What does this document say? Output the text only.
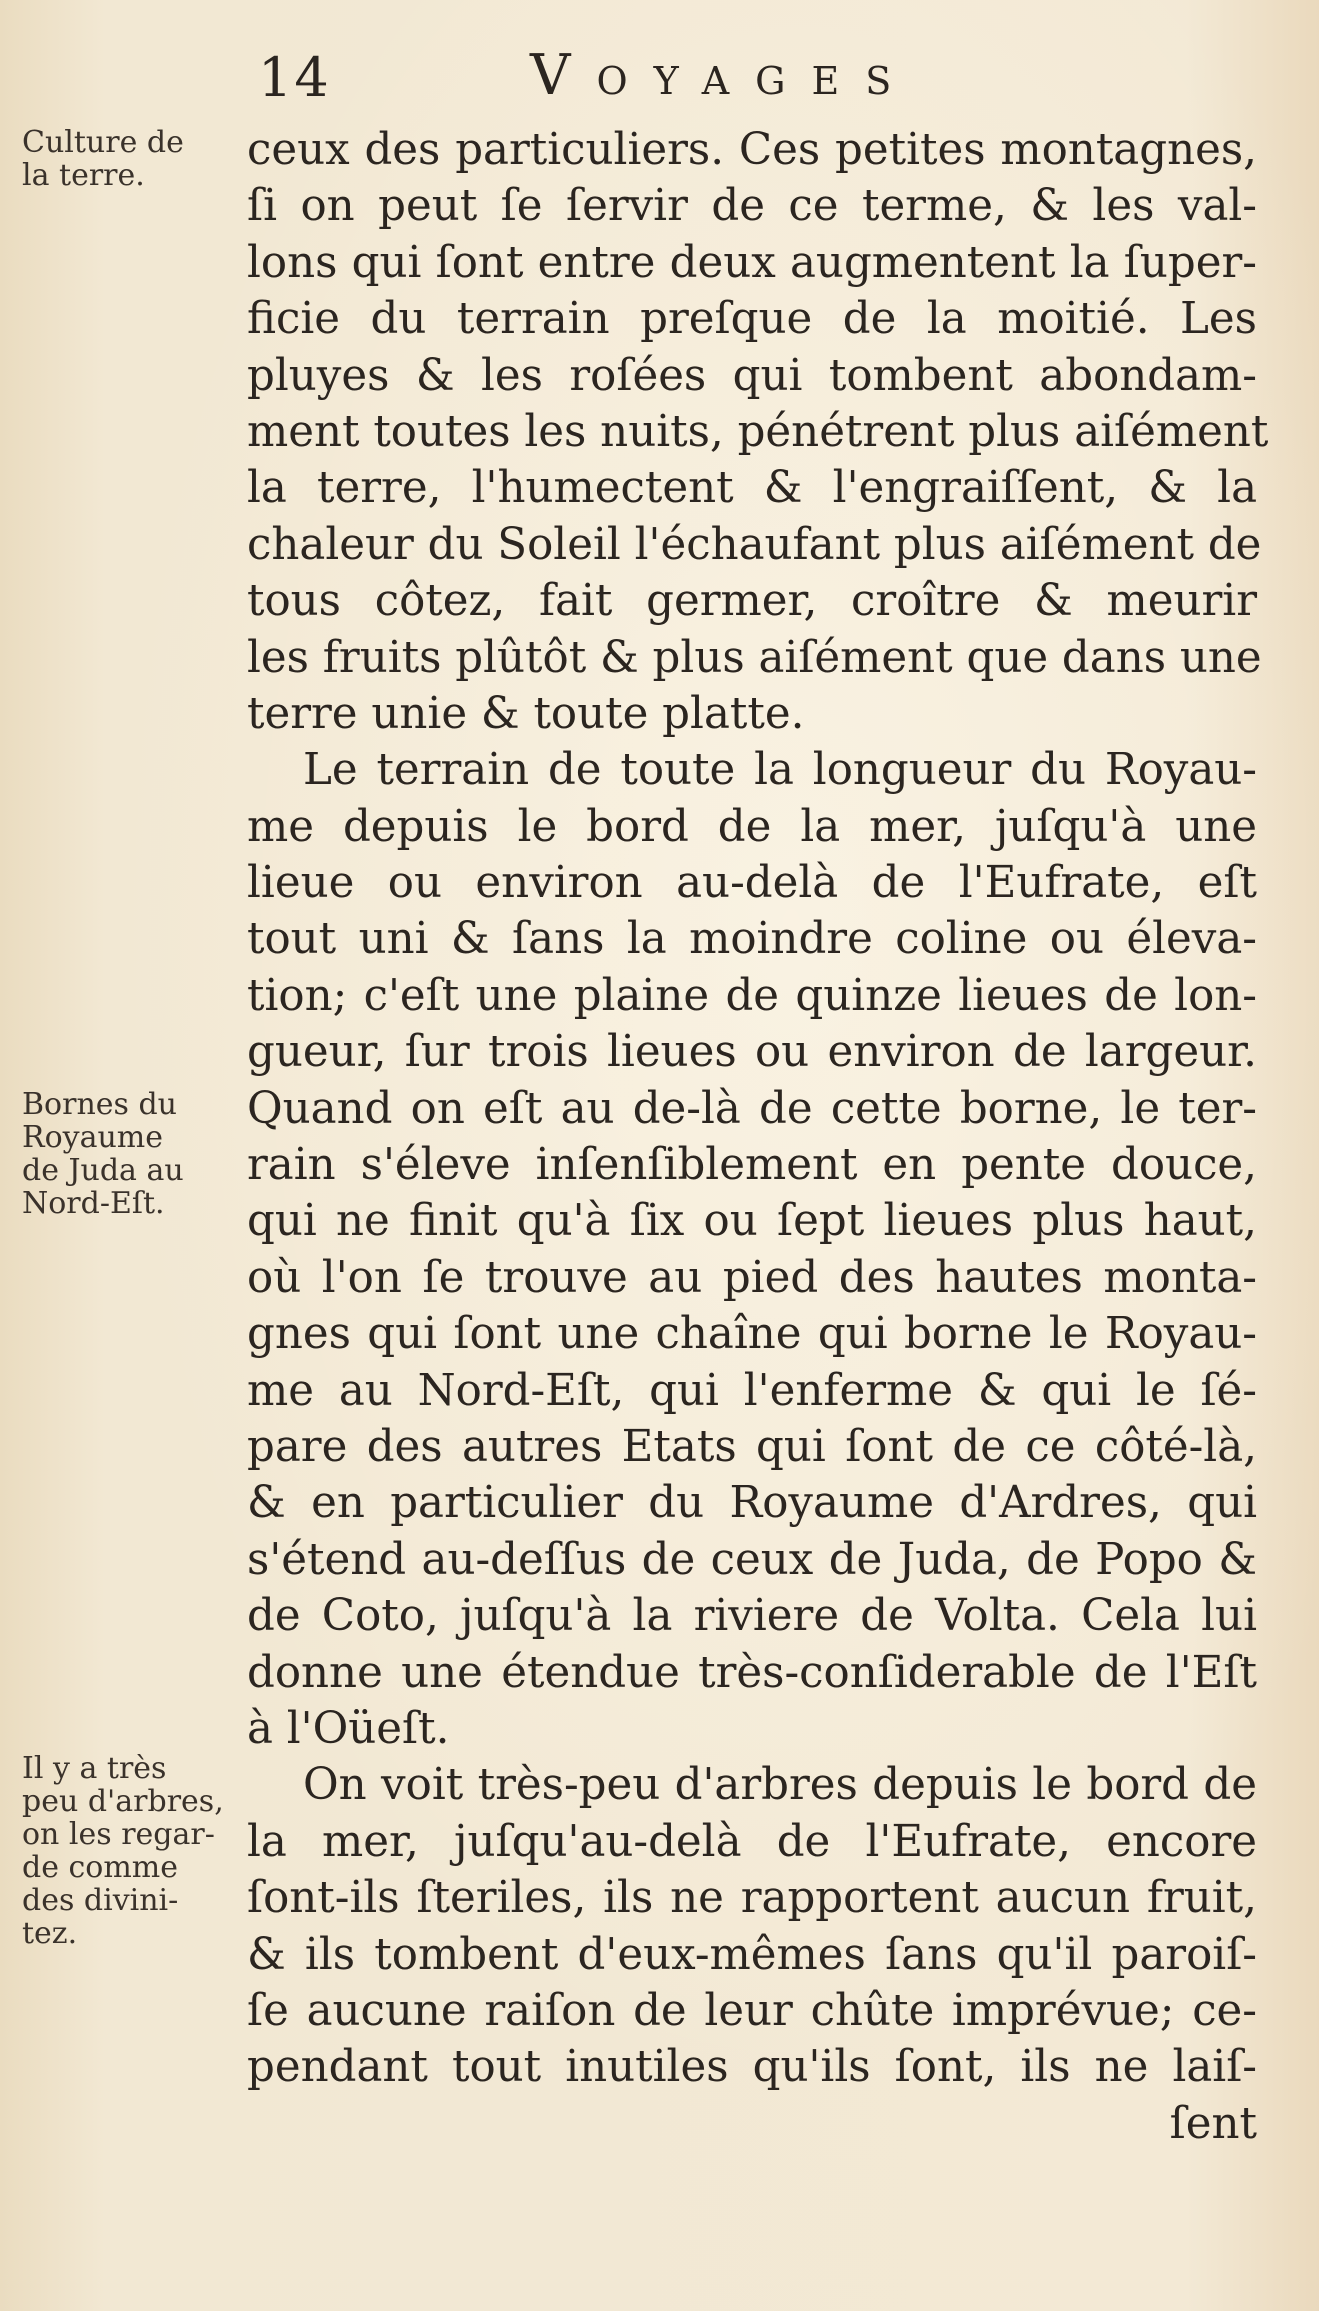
14	VOYAGES
Culture de
la terre.
Bornes du
Royaume
de Juda au
Nord-Eſt.
Il y a très
peu d'arbres,
on les regar-
de comme
des divini-
tez.
ceux des particuliers. Ces petites montagnes,
ſi on peut ſe ſervir de ce terme, & les val-
lons qui ſont entre deux augmentent la ſuper-
ficie du terrain preſque de la moitié. Les
pluyes & les roſées qui tombent abondam-
ment toutes les nuits, pénétrent plus aiſément
la terre, l'humectent & l'engraiſſent, & la
chaleur du Soleil l'échaufant plus aiſément de
tous côtez, fait germer, croître & meurir
les fruits plûtôt & plus aiſément que dans une
terre unie & toute platte.
Le terrain de toute la longueur du Royau-
me depuis le bord de la mer, juſqu'à une
lieue ou environ au-delà de l'Eufrate, eſt
tout uni & ſans la moindre coline ou éleva-
tion; c'eſt une plaine de quinze lieues de lon-
gueur, ſur trois lieues ou environ de largeur.
Quand on eſt au de-là de cette borne, le ter-
rain s'éleve inſenſiblement en pente douce,
qui ne finit qu'à ſix ou ſept lieues plus haut,
où l'on ſe trouve au pied des hautes monta-
gnes qui ſont une chaîne qui borne le Royau-
me au Nord-Eſt, qui l'enferme & qui le ſé-
pare des autres Etats qui ſont de ce côté-là,
& en particulier du Royaume d'Ardres, qui
s'étend au-deſſus de ceux de Juda, de Popo &
de Coto, juſqu'à la riviere de Volta. Cela lui
donne une étendue très-conſiderable de l'Eſt
à l'Oüeſt.
On voit très-peu d'arbres depuis le bord de
la mer, juſqu'au-delà de l'Eufrate, encore
ſont-ils ſteriles, ils ne rapportent aucun fruit,
& ils tombent d'eux-mêmes ſans qu'il paroiſ-
ſe aucune raiſon de leur chûte imprévue; ce-
pendant tout inutiles qu'ils ſont, ils ne laiſ-
ſent
